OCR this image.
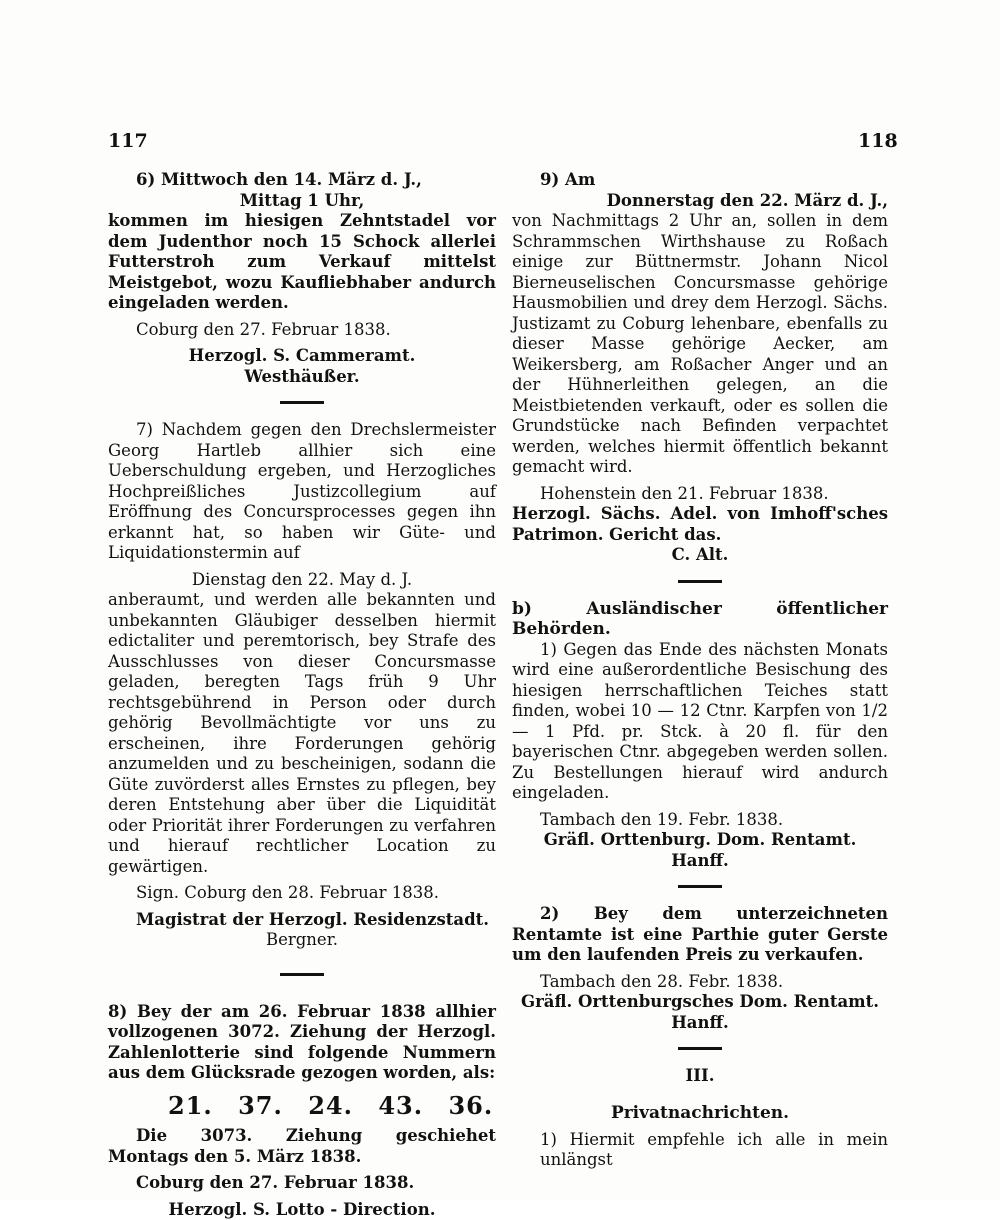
117	118

6) Mittwoch den 14. März d. J.,

Mittag 1 Uhr,

kommen im hiesigen Zehntstadel vor dem Judenthor noch 15 Schock allerlei Futterstroh zum Verkauf mittelst Meistgebot, wozu Kaufliebhaber andurch eingeladen werden.

Coburg den 27. Februar 1838.

Herzogl. S. Cammeramt.

Westhäußer.

7) Nachdem gegen den Drechslermeister Georg Hartleb allhier sich eine Ueberschuldung ergeben, und Herzogliches Hochpreißliches Justizcollegium auf Eröffnung des Concursprocesses gegen ihn erkannt hat, so haben wir Güte- und Liquidationstermin auf

Dienstag den 22. May d. J.

anberaumt, und werden alle bekannten und unbekannten Gläubiger desselben hiermit edictaliter und peremtorisch, bey Strafe des Ausschlusses von dieser Concursmasse geladen, beregten Tags früh 9 Uhr rechtsgebührend in Person oder durch gehörig Bevollmächtigte vor uns zu erscheinen, ihre Forderungen gehörig anzumelden und zu bescheinigen, sodann die Güte zuvörderst alles Ernstes zu pflegen, bey deren Entstehung aber über die Liquidität oder Priorität ihrer Forderungen zu verfahren und hierauf rechtlicher Location zu gewärtigen.

Sign. Coburg den 28. Februar 1838.

Magistrat der Herzogl. Residenzstadt.

Bergner.

8) Bey der am 26. Februar 1838 allhier vollzogenen 3072. Ziehung der Herzogl. Zahlenlotterie sind folgende Nummern aus dem Glücksrade gezogen worden, als:

21. 37. 24. 43. 36.

Die 3073. Ziehung geschiehet Montags den 5. März 1838.

Coburg den 27. Februar 1838.

Herzogl. S. Lotto - Direction.

9) Am

Donnerstag den 22. März d. J.,

von Nachmittags 2 Uhr an, sollen in dem Schrammschen Wirthshause zu Roßach einige zur Büttnermstr. Johann Nicol Bierneuselischen Concursmasse gehörige Hausmobilien und drey dem Herzogl. Sächs. Justizamt zu Coburg lehenbare, ebenfalls zu dieser Masse gehörige Aecker, am Weikersberg, am Roßacher Anger und an der Hühnerleithen gelegen, an die Meistbietenden verkauft, oder es sollen die Grundstücke nach Befinden verpachtet werden, welches hiermit öffentlich bekannt gemacht wird.

Hohenstein den 21. Februar 1838.

Herzogl. Sächs. Adel. von Imhoff'sches Patrimon. Gericht das.

C. Alt.

b) Ausländischer öffentlicher Behörden.

1) Gegen das Ende des nächsten Monats wird eine außerordentliche Besischung des hiesigen herrschaftlichen Teiches statt finden, wobei 10 — 12 Ctnr. Karpfen von 1/2 — 1 Pfd. pr. Stck. à 20 fl. für den bayerischen Ctnr. abgegeben werden sollen. Zu Bestellungen hierauf wird andurch eingeladen.

Tambach den 19. Febr. 1838.

Gräfl. Orttenburg. Dom. Rentamt.

Hanff.

2) Bey dem unterzeichneten Rentamte ist eine Parthie guter Gerste um den laufenden Preis zu verkaufen.

Tambach den 28. Febr. 1838.

Gräfl. Orttenburgsches Dom. Rentamt.

Hanff.

III.

Privatnachrichten.

1) Hiermit empfehle ich alle in mein unlängst
